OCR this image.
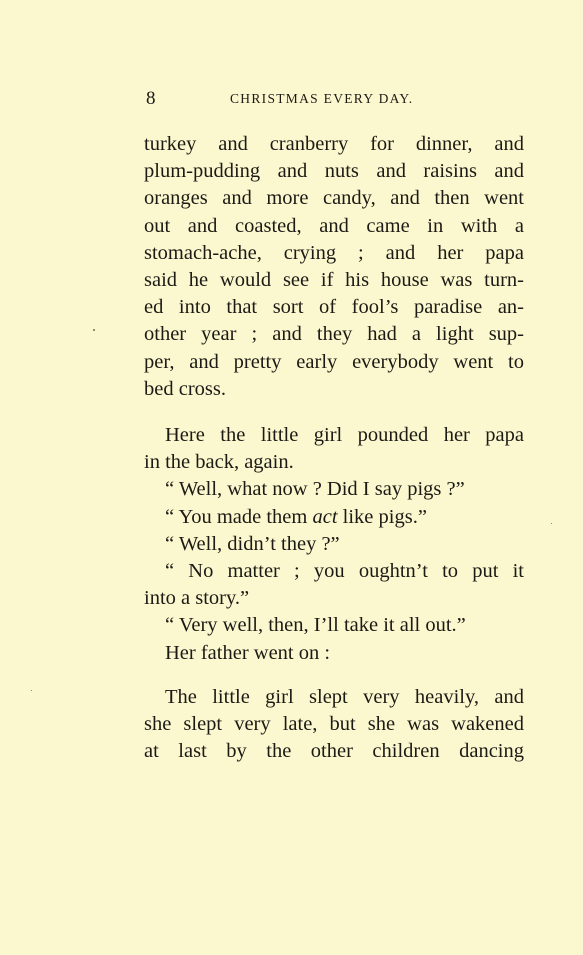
8	CHRISTMAS EVERY DAY.
turkey and cranberry for dinner, and
plum-pudding and nuts and raisins and
oranges and more candy, and then went
out and coasted, and came in with a
stomach-ache, crying ; and her papa
said he would see if his house was turn-
ed into that sort of fool’s paradise an-
other year ; and they had a light sup-
per, and pretty early everybody went to
bed cross.
Here the little girl pounded her papa
in the back, again.
“ Well, what now ? Did I say pigs ?”
“ You made them act like pigs.”
“ Well, didn’t they ?”
“ No matter ; you oughtn’t to put it
into a story.”
“ Very well, then, I’ll take it all out.”
Her father went on :
The little girl slept very heavily, and
she slept very late, but she was wakened
at last by the other children dancing
